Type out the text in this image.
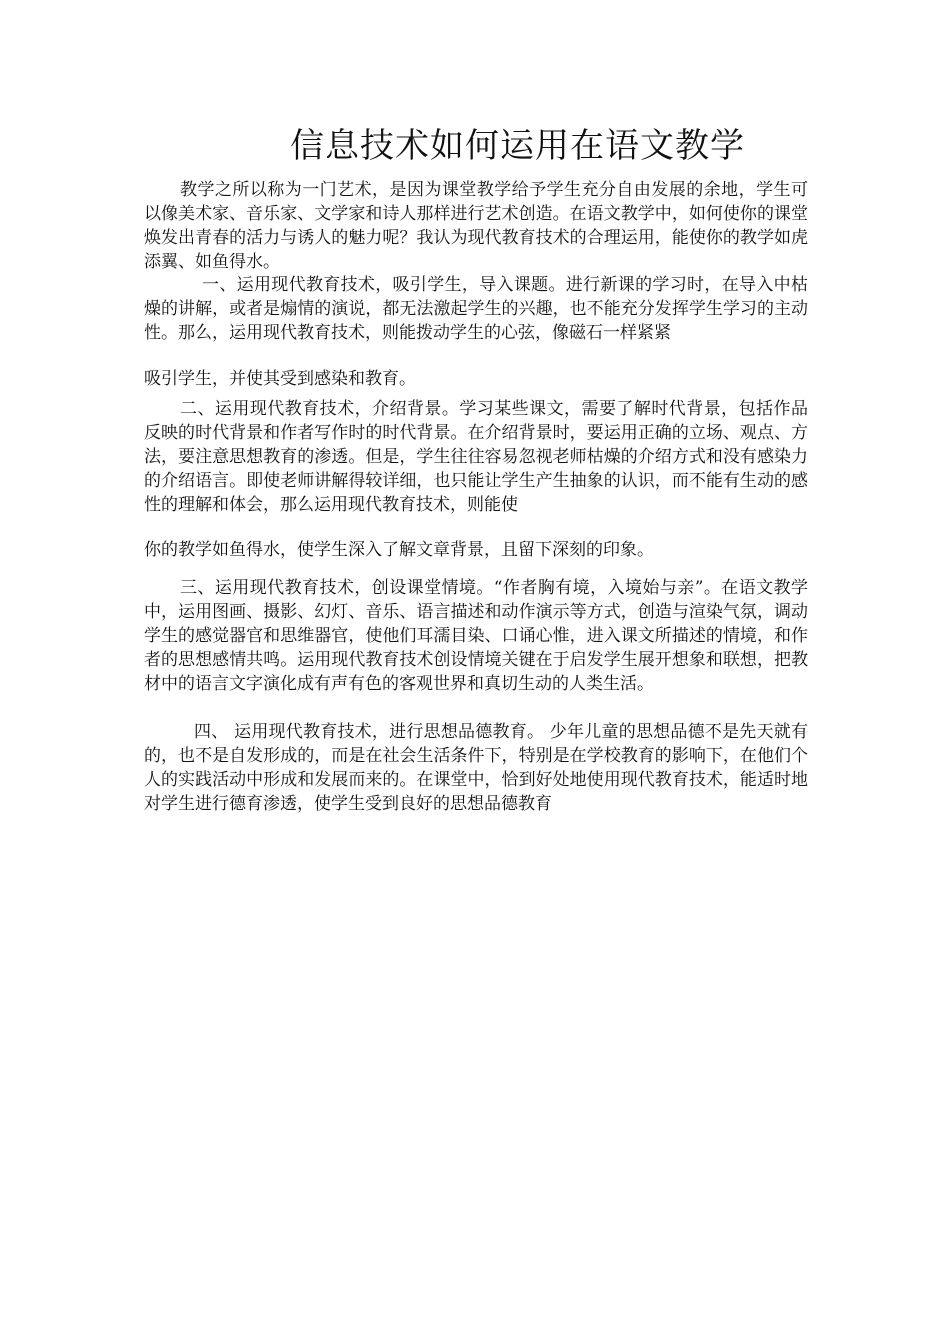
信息技术如何运用在语文教学

教学之所以称为一门艺术，是因为课堂教学给予学生充分自由发展的余地，学生可以像美术家、音乐家、文学家和诗人那样进行艺术创造。在语文教学中，如何使你的课堂焕发出青春的活力与诱人的魅力呢？我认为现代教育技术的合理运用，能使你的教学如虎添翼、如鱼得水。

一、运用现代教育技术，吸引学生，导入课题。进行新课的学习时，在导入中枯燥的讲解，或者是煽情的演说，都无法激起学生的兴趣，也不能充分发挥学生学习的主动性。那么，运用现代教育技术，则能拨动学生的心弦，像磁石一样紧紧

吸引学生，并使其受到感染和教育。

二、运用现代教育技术，介绍背景。学习某些课文，需要了解时代背景，包括作品反映的时代背景和作者写作时的时代背景。在介绍背景时，要运用正确的立场、观点、方法，要注意思想教育的渗透。但是，学生往往容易忽视老师枯燥的介绍方式和没有感染力的介绍语言。即使老师讲解得较详细，也只能让学生产生抽象的认识，而不能有生动的感性的理解和体会，那么运用现代教育技术，则能使

你的教学如鱼得水，使学生深入了解文章背景，且留下深刻的印象。

三、运用现代教育技术，创设课堂情境。“作者胸有境，入境始与亲”。在语文教学中，运用图画、摄影、幻灯、音乐、语言描述和动作演示等方式，创造与渲染气氛，调动学生的感觉器官和思维器官，使他们耳濡目染、口诵心惟，进入课文所描述的情境，和作者的思想感情共鸣。运用现代教育技术创设情境关键在于启发学生展开想象和联想，把教材中的语言文字演化成有声有色的客观世界和真切生动的人类生活。

四、 运用现代教育技术，进行思想品德教育。 少年儿童的思想品德不是先天就有的，也不是自发形成的，而是在社会生活条件下，特别是在学校教育的影响下，在他们个人的实践活动中形成和发展而来的。在课堂中，恰到好处地使用现代教育技术，能适时地对学生进行德育渗透，使学生受到良好的思想品德教育
